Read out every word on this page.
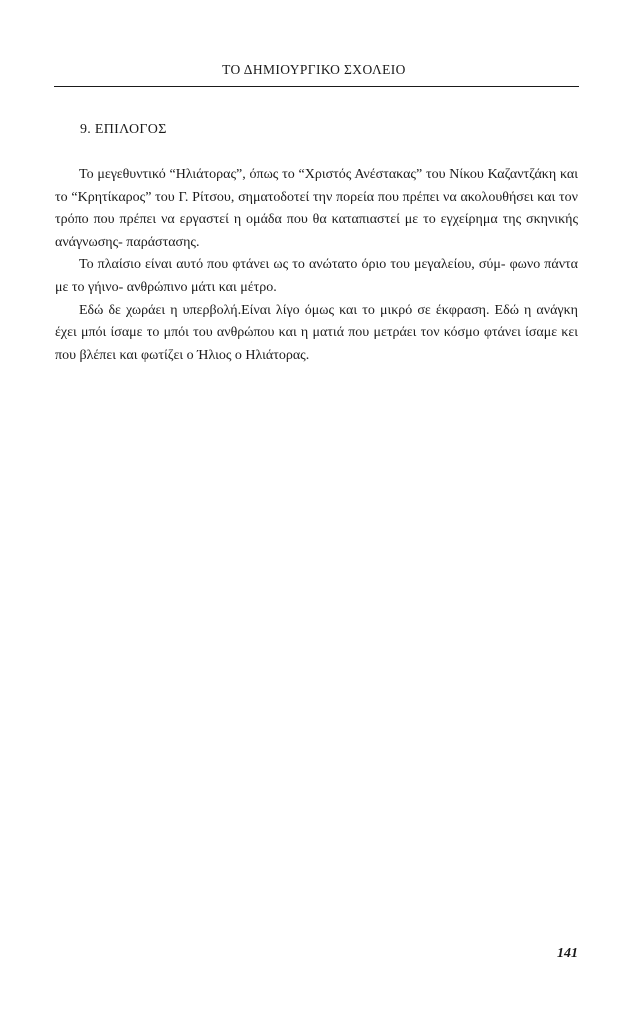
ΤΟ ΔΗΜΙΟΥΡΓΙΚΟ ΣΧΟΛΕΙΟ
9. ΕΠΙΛΟΓΟΣ

Το μεγεθυντικό “Ηλιάτορας”, όπως το “Χριστός Ανέστακας” του Νίκου Καζαντζάκη και το “Κρητίκαρος” του Γ. Ρίτσου, σηματοδοτεί την πορεία που πρέπει να ακολουθήσει και τον τρόπο που πρέπει να εργαστεί η ομάδα που θα καταπιαστεί με το εγχείρημα της σκηνικής ανάγνωσης- παράστασης.

Το πλαίσιο είναι αυτό που φτάνει ως το ανώτατο όριο του μεγαλείου, σύμ- φωνο πάντα με το γήινο- ανθρώπινο μάτι και μέτρο.

Εδώ δε χωράει η υπερβολή.Είναι λίγο όμως και το μικρό σε έκφραση. Εδώ η ανάγκη έχει μπόι ίσαμε το μπόι του ανθρώπου και η ματιά που μετράει τον κόσμο φτάνει ίσαμε κει που βλέπει και φωτίζει ο Ήλιος ο Ηλιάτορας.

141
